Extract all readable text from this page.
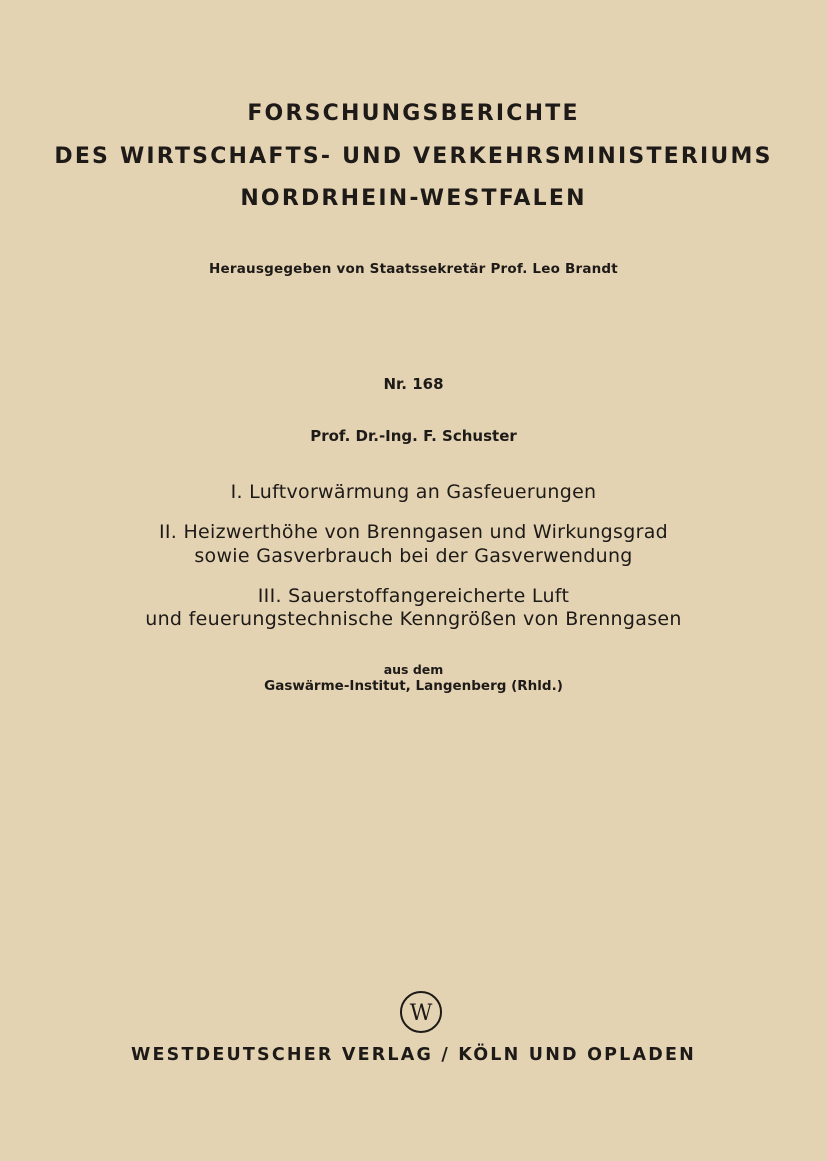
FORSCHUNGSBERICHTE
DES WIRTSCHAFTS- UND VERKEHRSMINISTERIUMS
NORDRHEIN-WESTFALEN
Herausgegeben von Staatssekretär Prof. Leo Brandt
Nr. 168
Prof. Dr.-Ing. F. Schuster
I. Luftvorwärmung an Gasfeuerungen
II. Heizwerthöhe von Brenngasen und Wirkungsgrad
sowie Gasverbrauch bei der Gasverwendung
III. Sauerstoffangereicherte Luft
und feuerungstechnische Kenngrößen von Brenngasen
aus dem
Gaswärme-Institut, Langenberg (Rhld.)
W
WESTDEUTSCHER VERLAG / KÖLN UND OPLADEN
